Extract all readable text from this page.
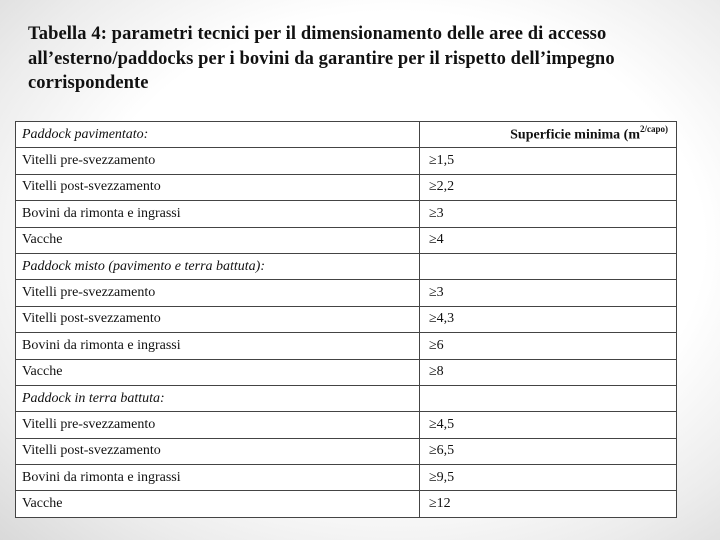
Tabella 4: parametri tecnici per il dimensionamento delle aree di accesso all’esterno/paddocks per i bovini da garantire per il rispetto dell’impegno corrispondente
Paddock pavimentato:	Superficie minima ($m^{2/capo)}$
Vitelli pre-svezzamento	≥1,5
Vitelli post-svezzamento	≥2,2
Bovini da rimonta e ingrassi	≥3
Vacche	≥4
Paddock misto (pavimento e terra battuta):	
Vitelli pre-svezzamento	≥3
Vitelli post-svezzamento	≥4,3
Bovini da rimonta e ingrassi	≥6
Vacche	≥8
Paddock in terra battuta:	
Vitelli pre-svezzamento	≥4,5
Vitelli post-svezzamento	≥6,5
Bovini da rimonta e ingrassi	≥9,5
Vacche	≥12
